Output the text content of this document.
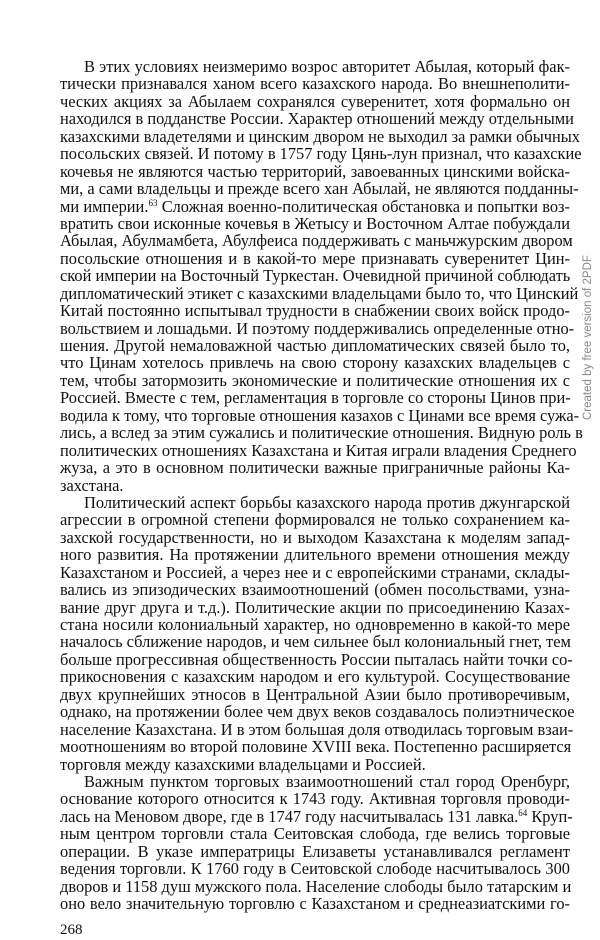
В этих условиях неизмеримо возрос авторитет Абылая, который фак-
тически признавался ханом всего казахского народа. Во внешнеполити-
ческих акциях за Абылаем сохранялся суверенитет, хотя формально он
находился в подданстве России. Характер отношений между отдельными
казахскими владетелями и цинским двором не выходил за рамки обычных
посольских связей. И потому в 1757 году Цянь-лун признал, что казахские
кочевья не являются частью территорий, завоеванных цинскими войска-
ми, а сами владельцы и прежде всего хан Абылай, не являются подданны-
ми империи.$^{63}$ Сложная военно-политическая обстановка и попытки воз-
вратить свои исконные кочевья в Жетысу и Восточном Алтае побуждали
Абылая, Абулмамбета, Абулфеиса поддерживать с маньчжурским двором
посольские отношения и в какой-то мере признавать суверенитет Цин-
ской империи на Восточный Туркестан. Очевидной причиной соблюдать
дипломатический этикет с казахскими владельцами было то, что Цинский
Китай постоянно испытывал трудности в снабжении своих войск продо-
вольствием и лошадьми. И поэтому поддерживались определенные отно-
шения. Другой немаловажной частью дипломатических связей было то,
что Цинам хотелось привлечь на свою сторону казахских владельцев с
тем, чтобы затормозить экономические и политические отношения их с
Россией. Вместе с тем, регламентация в торговле со стороны Цинов при-
водила к тому, что торговые отношения казахов с Цинами все время сужа-
лись, а вслед за этим сужались и политические отношения. Видную роль в
политических отношениях Казахстана и Китая играли владения Среднего
жуза, а это в основном политически важные приграничные районы Ка-
захстана.
Политический аспект борьбы казахского народа против джунгарской
агрессии в огромной степени формировался не только сохранением ка-
захской государственности, но и выходом Казахстана к моделям запад-
ного развития. На протяжении длительного времени отношения между
Казахстаном и Россией, а через нее и с европейскими странами, склады-
вались из эпизодических взаимоотношений (обмен посольствами, узна-
вание друг друга и т.д.). Политические акции по присоединению Казах-
стана носили колониальный характер, но одновременно в какой-то мере
началось сближение народов, и чем сильнее был колониальный гнет, тем
больше прогрессивная общественность России пыталась найти точки со-
прикосновения с казахским народом и его культурой. Сосуществование
двух крупнейших этносов в Центральной Азии было противоречивым,
однако, на протяжении более чем двух веков создавалось полиэтническое
население Казахстана. И в этом большая доля отводилась торговым взаи-
моотношениям во второй половине XVIII века. Постепенно расширяется
торговля между казахскими владельцами и Россией.
Важным пунктом торговых взаимоотношений стал город Оренбург,
основание которого относится к 1743 году. Активная торговля проводи-
лась на Меновом дворе, где в 1747 году насчитывалась 131 лавка.$^{64}$ Круп-
ным центром торговли стала Сеитовская слобода, где велись торговые
операции. В указе императрицы Елизаветы устанавливался регламент
ведения торговли. К 1760 году в Сеитовской слободе насчитывалось 300
дворов и 1158 душ мужского пола. Население слободы было татарским и
оно вело значительную торговлю с Казахстаном и среднеазиатскими го-
268
Created by free version of 2PDF
